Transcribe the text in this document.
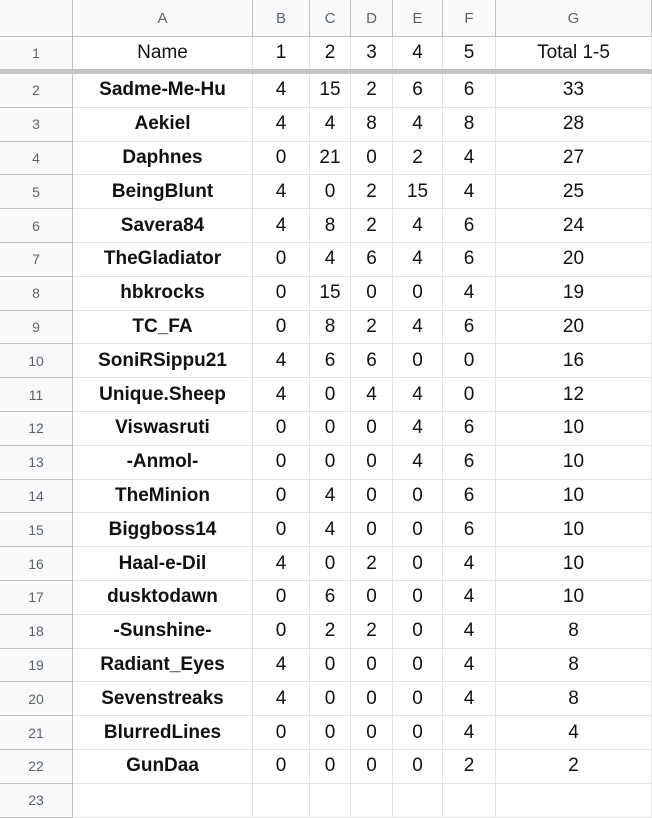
A	B	C	D	E	F	G
1	Name	1	2	3	4	5	Total 1-5
2	Sadme-Me-Hu	4	15	2	6	6	33
3	Aekiel	4	4	8	4	8	28
4	Daphnes	0	21	0	2	4	27
5	BeingBlunt	4	0	2	15	4	25
6	Savera84	4	8	2	4	6	24
7	TheGladiator	0	4	6	4	6	20
8	hbkrocks	0	15	0	0	4	19
9	TC_FA	0	8	2	4	6	20
10	SoniRSippu21	4	6	6	0	0	16
11	Unique.Sheep	4	0	4	4	0	12
12	Viswasruti	0	0	0	4	6	10
13	-Anmol-	0	0	0	4	6	10
14	TheMinion	0	4	0	0	6	10
15	Biggboss14	0	4	0	0	6	10
16	Haal-e-Dil	4	0	2	0	4	10
17	dusktodawn	0	6	0	0	4	10
18	-Sunshine-	0	2	2	0	4	8
19	Radiant_Eyes	4	0	0	0	4	8
20	Sevenstreaks	4	0	0	0	4	8
21	BlurredLines	0	0	0	0	4	4
22	GunDaa	0	0	0	0	2	2
23
